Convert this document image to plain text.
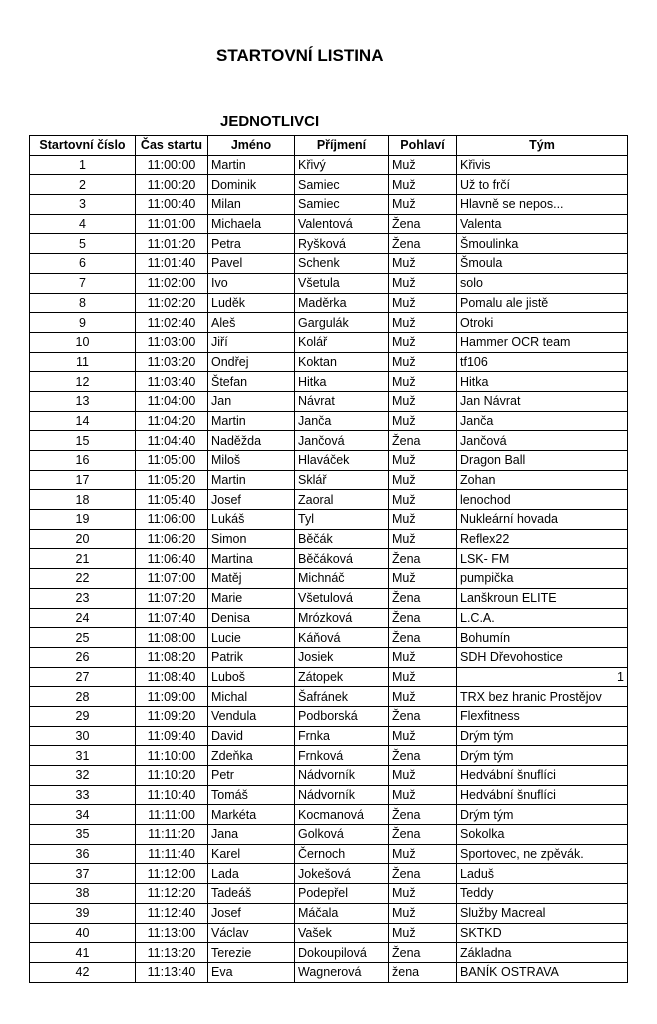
STARTOVNÍ LISTINA
JEDNOTLIVCI
Startovní číslo	Čas startu	Jméno	Příjmení	Pohlaví	Tým
1	11:00:00	Martin	Křivý	Muž	Křivis
2	11:00:20	Dominik	Samiec	Muž	Už to frčí
3	11:00:40	Milan	Samiec	Muž	Hlavně se nepos...
4	11:01:00	Michaela	Valentová	Žena	Valenta
5	11:01:20	Petra	Ryšková	Žena	Šmoulinka
6	11:01:40	Pavel	Schenk	Muž	Šmoula
7	11:02:00	Ivo	Všetula	Muž	solo
8	11:02:20	Luděk	Maděrka	Muž	Pomalu ale jistě
9	11:02:40	Aleš	Gargulák	Muž	Otroki
10	11:03:00	Jiří	Kolář	Muž	Hammer OCR team
11	11:03:20	Ondřej	Koktan	Muž	tf106
12	11:03:40	Štefan	Hitka	Muž	Hitka
13	11:04:00	Jan	Návrat	Muž	Jan Návrat
14	11:04:20	Martin	Janča	Muž	Janča
15	11:04:40	Naděžda	Jančová	Žena	Jančová
16	11:05:00	Miloš	Hlaváček	Muž	Dragon Ball
17	11:05:20	Martin	Sklář	Muž	Zohan
18	11:05:40	Josef	Zaoral	Muž	lenochod
19	11:06:00	Lukáš	Tyl	Muž	Nukleární hovada
20	11:06:20	Simon	Běčák	Muž	Reflex22
21	11:06:40	Martina	Běčáková	Žena	LSK- FM
22	11:07:00	Matěj	Michnáč	Muž	pumpička
23	11:07:20	Marie	Všetulová	Žena	Lanškroun ELITE
24	11:07:40	Denisa	Mrózková	Žena	L.C.A.
25	11:08:00	Lucie	Káňová	Žena	Bohumín
26	11:08:20	Patrik	Josiek	Muž	SDH Dřevohostice
27	11:08:40	Luboš	Zátopek	Muž	1
28	11:09:00	Michal	Šafránek	Muž	TRX bez hranic Prostějov
29	11:09:20	Vendula	Podborská	Žena	Flexfitness
30	11:09:40	David	Frnka	Muž	Drým tým
31	11:10:00	Zdeňka	Frnková	Žena	Drým tým
32	11:10:20	Petr	Nádvorník	Muž	Hedvábní šnuflíci
33	11:10:40	Tomáš	Nádvorník	Muž	Hedvábní šnuflíci
34	11:11:00	Markéta	Kocmanová	Žena	Drým tým
35	11:11:20	Jana	Golková	Žena	Sokolka
36	11:11:40	Karel	Černoch	Muž	Sportovec, ne zpěvák.
37	11:12:00	Lada	Jokešová	Žena	Laduš
38	11:12:20	Tadeáš	Podepřel	Muž	Teddy
39	11:12:40	Josef	Máčala	Muž	Služby Macreal
40	11:13:00	Václav	Vašek	Muž	SKTKD
41	11:13:20	Terezie	Dokoupilová	Žena	Základna
42	11:13:40	Eva	Wagnerová	žena	BANÍK OSTRAVA
